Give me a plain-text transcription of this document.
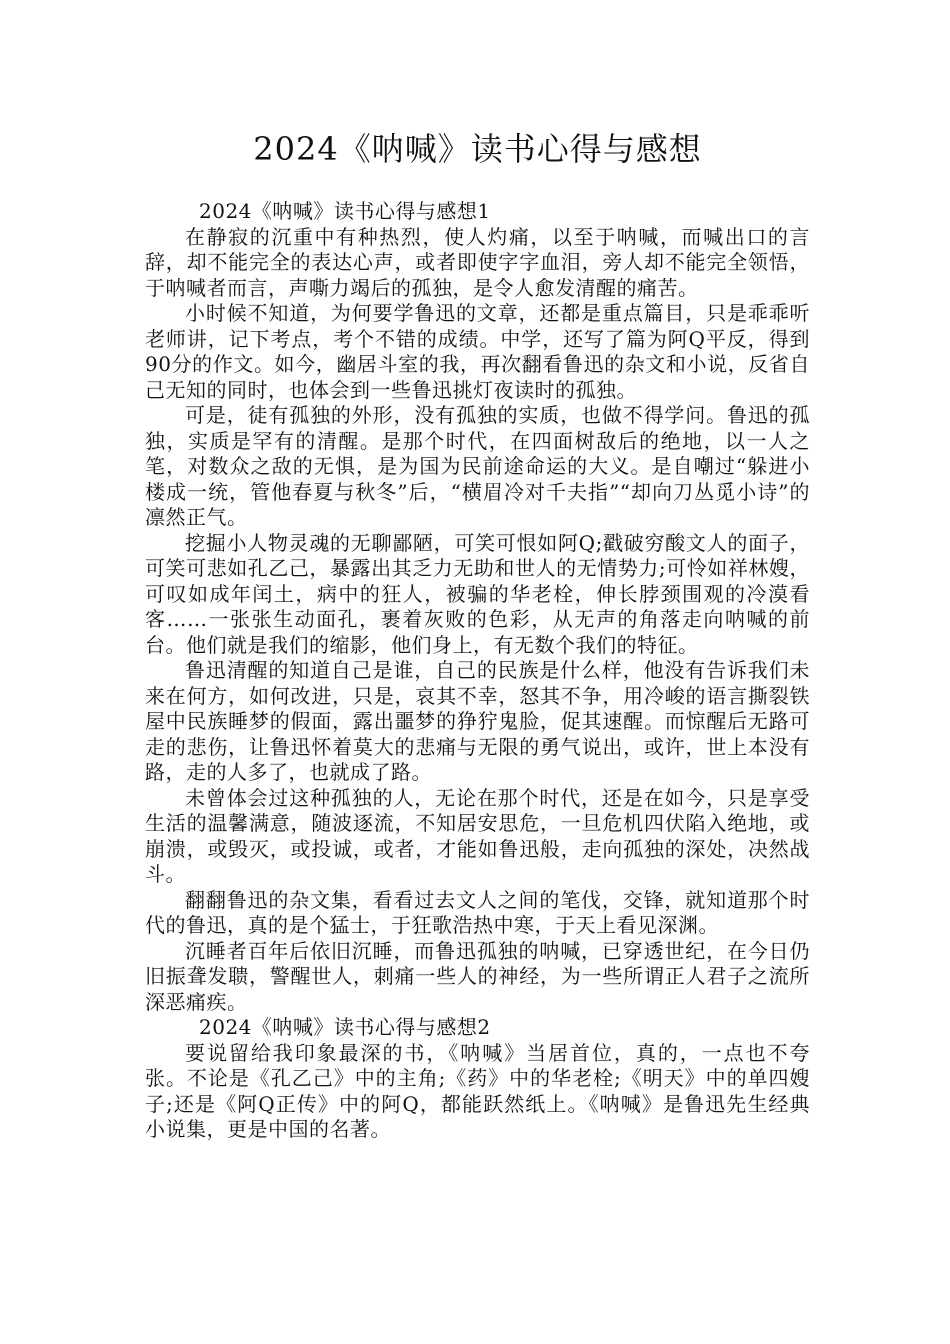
2024《呐喊》读书心得与感想

2024《呐喊》读书心得与感想1

在静寂的沉重中有种热烈，使人灼痛，以至于呐喊，而喊出口的言辞，却不能完全的表达心声，或者即使字字血泪，旁人却不能完全领悟，于呐喊者而言，声嘶力竭后的孤独，是令人愈发清醒的痛苦。

小时候不知道，为何要学鲁迅的文章，还都是重点篇目，只是乖乖听老师讲，记下考点，考个不错的成绩。中学，还写了篇为阿Q平反，得到90分的作文。如今，幽居斗室的我，再次翻看鲁迅的杂文和小说，反省自己无知的同时，也体会到一些鲁迅挑灯夜读时的孤独。

可是，徒有孤独的外形，没有孤独的实质，也做不得学问。鲁迅的孤独，实质是罕有的清醒。是那个时代，在四面树敌后的绝地，以一人之笔，对数众之敌的无惧，是为国为民前途命运的大义。是自嘲过“躲进小楼成一统，管他春夏与秋冬”后，“横眉冷对千夫指”“却向刀丛觅小诗”的凛然正气。

挖掘小人物灵魂的无聊鄙陋，可笑可恨如阿Q;戳破穷酸文人的面子，可笑可悲如孔乙己，暴露出其乏力无助和世人的无情势力;可怜如祥林嫂，可叹如成年闰土，病中的狂人，被骗的华老栓，伸长脖颈围观的冷漠看客……一张张生动面孔，裹着灰败的色彩，从无声的角落走向呐喊的前台。他们就是我们的缩影，他们身上，有无数个我们的特征。

鲁迅清醒的知道自己是谁，自己的民族是什么样，他没有告诉我们未来在何方，如何改进，只是，哀其不幸，怒其不争，用冷峻的语言撕裂铁屋中民族睡梦的假面，露出噩梦的狰狞鬼脸，促其速醒。而惊醒后无路可走的悲伤，让鲁迅怀着莫大的悲痛与无限的勇气说出，或许，世上本没有路，走的人多了，也就成了路。

未曾体会过这种孤独的人，无论在那个时代，还是在如今，只是享受生活的温馨满意，随波逐流，不知居安思危，一旦危机四伏陷入绝地，或崩溃，或毁灭，或投诚，或者，才能如鲁迅般，走向孤独的深处，决然战斗。

翻翻鲁迅的杂文集，看看过去文人之间的笔伐，交锋，就知道那个时代的鲁迅，真的是个猛士，于狂歌浩热中寒，于天上看见深渊。

沉睡者百年后依旧沉睡，而鲁迅孤独的呐喊，已穿透世纪，在今日仍旧振聋发聩，警醒世人，刺痛一些人的神经，为一些所谓正人君子之流所深恶痛疾。

2024《呐喊》读书心得与感想2

要说留给我印象最深的书，《呐喊》当居首位，真的，一点也不夸张。不论是《孔乙己》中的主角;《药》中的华老栓;《明天》中的单四嫂子;还是《阿Q正传》中的阿Q，都能跃然纸上。《呐喊》是鲁迅先生经典小说集，更是中国的名著。
